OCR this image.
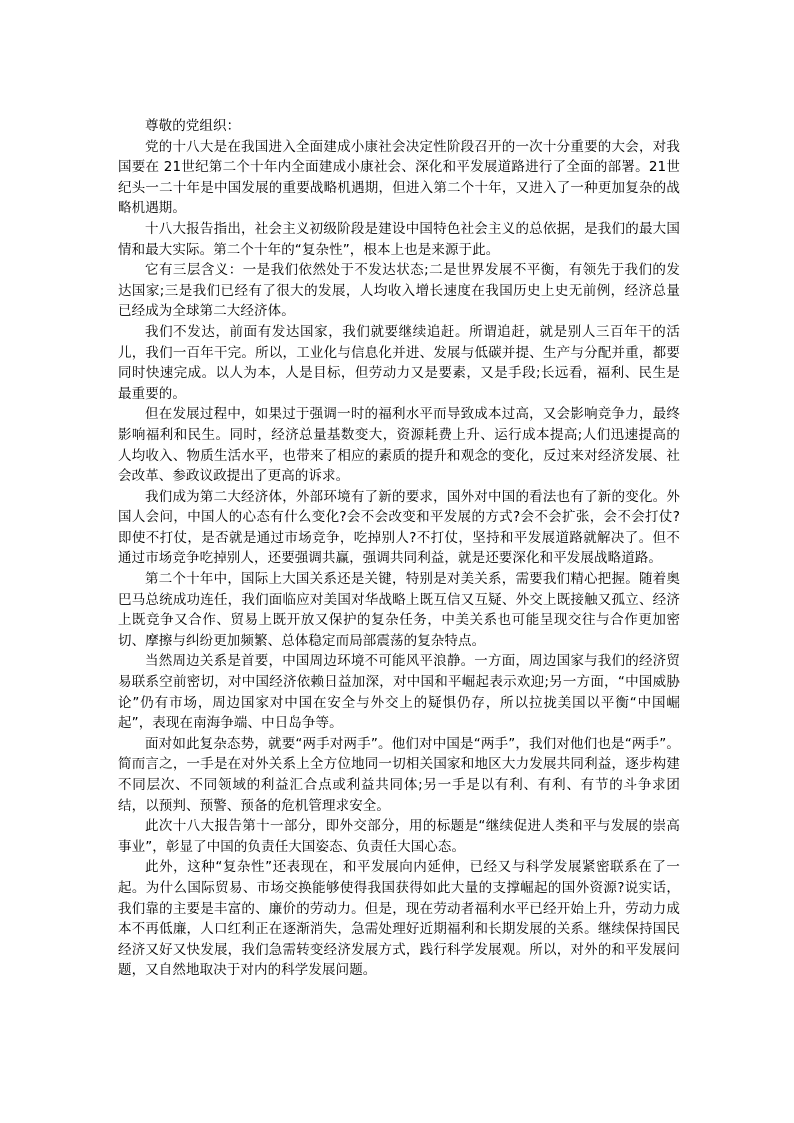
尊敬的党组织：

党的十八大是在我国进入全面建成小康社会决定性阶段召开的一次十分重要的大会，对我国要在 21世纪第二个十年内全面建成小康社会、深化和平发展道路进行了全面的部署。21世纪头一二十年是中国发展的重要战略机遇期，但进入第二个十年，又进入了一种更加复杂的战略机遇期。

十八大报告指出，社会主义初级阶段是建设中国特色社会主义的总依据，是我们的最大国情和最大实际。第二个十年的“复杂性”，根本上也是来源于此。

它有三层含义：一是我们依然处于不发达状态;二是世界发展不平衡，有领先于我们的发达国家;三是我们已经有了很大的发展，人均收入增长速度在我国历史上史无前例，经济总量已经成为全球第二大经济体。

我们不发达，前面有发达国家，我们就要继续追赶。所谓追赶，就是别人三百年干的活儿，我们一百年干完。所以，工业化与信息化并进、发展与低碳并提、生产与分配并重，都要同时快速完成。以人为本，人是目标，但劳动力又是要素，又是手段;长远看，福利、民生是最重要的。

但在发展过程中，如果过于强调一时的福利水平而导致成本过高，又会影响竞争力，最终影响福利和民生。同时，经济总量基数变大，资源耗费上升、运行成本提高;人们迅速提高的人均收入、物质生活水平，也带来了相应的素质的提升和观念的变化，反过来对经济发展、社会改革、参政议政提出了更高的诉求。

我们成为第二大经济体，外部环境有了新的要求，国外对中国的看法也有了新的变化。外国人会问，中国人的心态有什么变化?会不会改变和平发展的方式?会不会扩张，会不会打仗?即使不打仗，是否就是通过市场竞争，吃掉别人?不打仗，坚持和平发展道路就解决了。但不通过市场竞争吃掉别人，还要强调共赢，强调共同利益，就是还要深化和平发展战略道路。

第二个十年中，国际上大国关系还是关键，特别是对美关系，需要我们精心把握。随着奥巴马总统成功连任，我们面临应对美国对华战略上既互信又互疑、外交上既接触又孤立、经济上既竞争又合作、贸易上既开放又保护的复杂任务，中美关系也可能呈现交往与合作更加密切、摩擦与纠纷更加频繁、总体稳定而局部震荡的复杂特点。

当然周边关系是首要，中国周边环境不可能风平浪静。一方面，周边国家与我们的经济贸易联系空前密切，对中国经济依赖日益加深，对中国和平崛起表示欢迎;另一方面，“中国威胁论”仍有市场，周边国家对中国在安全与外交上的疑惧仍存，所以拉拢美国以平衡“中国崛起”，表现在南海争端、中日岛争等。

面对如此复杂态势，就要“两手对两手”。他们对中国是“两手”，我们对他们也是“两手”。简而言之，一手是在对外关系上全方位地同一切相关国家和地区大力发展共同利益，逐步构建不同层次、不同领域的利益汇合点或利益共同体;另一手是以有利、有利、有节的斗争求团结，以预判、预警、预备的危机管理求安全。

此次十八大报告第十一部分，即外交部分，用的标题是“继续促进人类和平与发展的崇高事业”，彰显了中国的负责任大国姿态、负责任大国心态。

此外，这种“复杂性”还表现在，和平发展向内延伸，已经又与科学发展紧密联系在了一起。为什么国际贸易、市场交换能够使得我国获得如此大量的支撑崛起的国外资源?说实话，我们靠的主要是丰富的、廉价的劳动力。但是，现在劳动者福利水平已经开始上升，劳动力成本不再低廉，人口红利正在逐渐消失，急需处理好近期福利和长期发展的关系。继续保持国民经济又好又快发展，我们急需转变经济发展方式，践行科学发展观。所以，对外的和平发展问题，又自然地取决于对内的科学发展问题。
